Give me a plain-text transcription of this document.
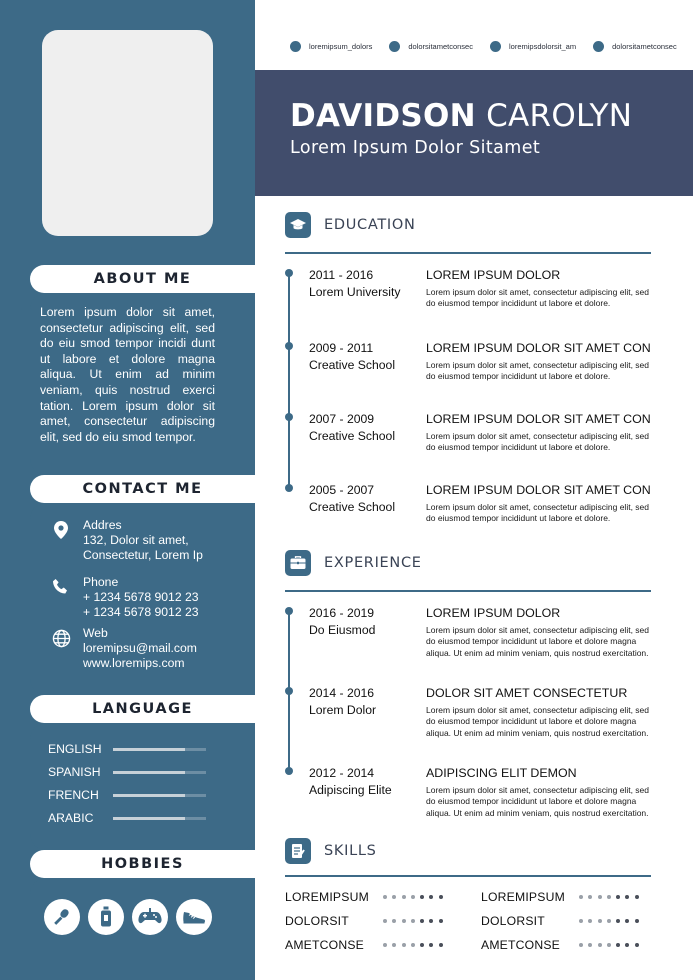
ABOUT ME
Lorem ipsum dolor sit amet, consectetur adipiscing elit, sed do eiu smod tempor incidi dunt ut labore et dolore magna aliqua. Ut enim ad minim veniam, quis nostrud exerci tation. Lorem ipsum dolor sit amet, consectetur adipiscing elit, sed do eiu smod tempor.
CONTACT ME
Addres
132, Dolor sit amet,
Consectetur, Lorem Ip
Phone
+ 1234 5678 9012 23
+ 1234 5678 9012 23
Web
loremipsu@mail.com
www.loremips.com
LANGUAGE
ENGLISH
SPANISH
FRENCH
ARABIC
HOBBIES
loremipsum_dolors	dolorsitametconsec	loremipsdolorsit_am	dolorsitametconsec
DAVIDSON CAROLYN
Lorem Ipsum Dolor Sitamet
EDUCATION
2011 - 2016
Lorem University
LOREM IPSUM DOLOR
Lorem ipsum dolor sit amet, consectetur adipiscing elit, sed do eiusmod tempor incididunt ut labore et dolore.
2009 - 2011
Creative School
LOREM IPSUM DOLOR SIT AMET CON
Lorem ipsum dolor sit amet, consectetur adipiscing elit, sed do eiusmod tempor incididunt ut labore et dolore.
2007 - 2009
Creative School
LOREM IPSUM DOLOR SIT AMET CON
Lorem ipsum dolor sit amet, consectetur adipiscing elit, sed do eiusmod tempor incididunt ut labore et dolore.
2005 - 2007
Creative School
LOREM IPSUM DOLOR SIT AMET CON
Lorem ipsum dolor sit amet, consectetur adipiscing elit, sed do eiusmod tempor incididunt ut labore et dolore.
EXPERIENCE
2016 - 2019
Do Eiusmod
LOREM IPSUM DOLOR
Lorem ipsum dolor sit amet, consectetur adipiscing elit, sed do eiusmod tempor incididunt ut labore et dolore magna aliqua. Ut enim ad minim veniam, quis nostrud exercitation.
2014 - 2016
Lorem Dolor
DOLOR SIT AMET CONSECTETUR
Lorem ipsum dolor sit amet, consectetur adipiscing elit, sed do eiusmod tempor incididunt ut labore et dolore magna aliqua. Ut enim ad minim veniam, quis nostrud exercitation.
2012 - 2014
Adipiscing Elite
ADIPISCING ELIT DEMON
Lorem ipsum dolor sit amet, consectetur adipiscing elit, sed do eiusmod tempor incididunt ut labore et dolore magna aliqua. Ut enim ad minim veniam, quis nostrud exercitation.
SKILLS
LOREMIPSUM	LOREMIPSUM
DOLORSIT	DOLORSIT
AMETCONSE	AMETCONSE
